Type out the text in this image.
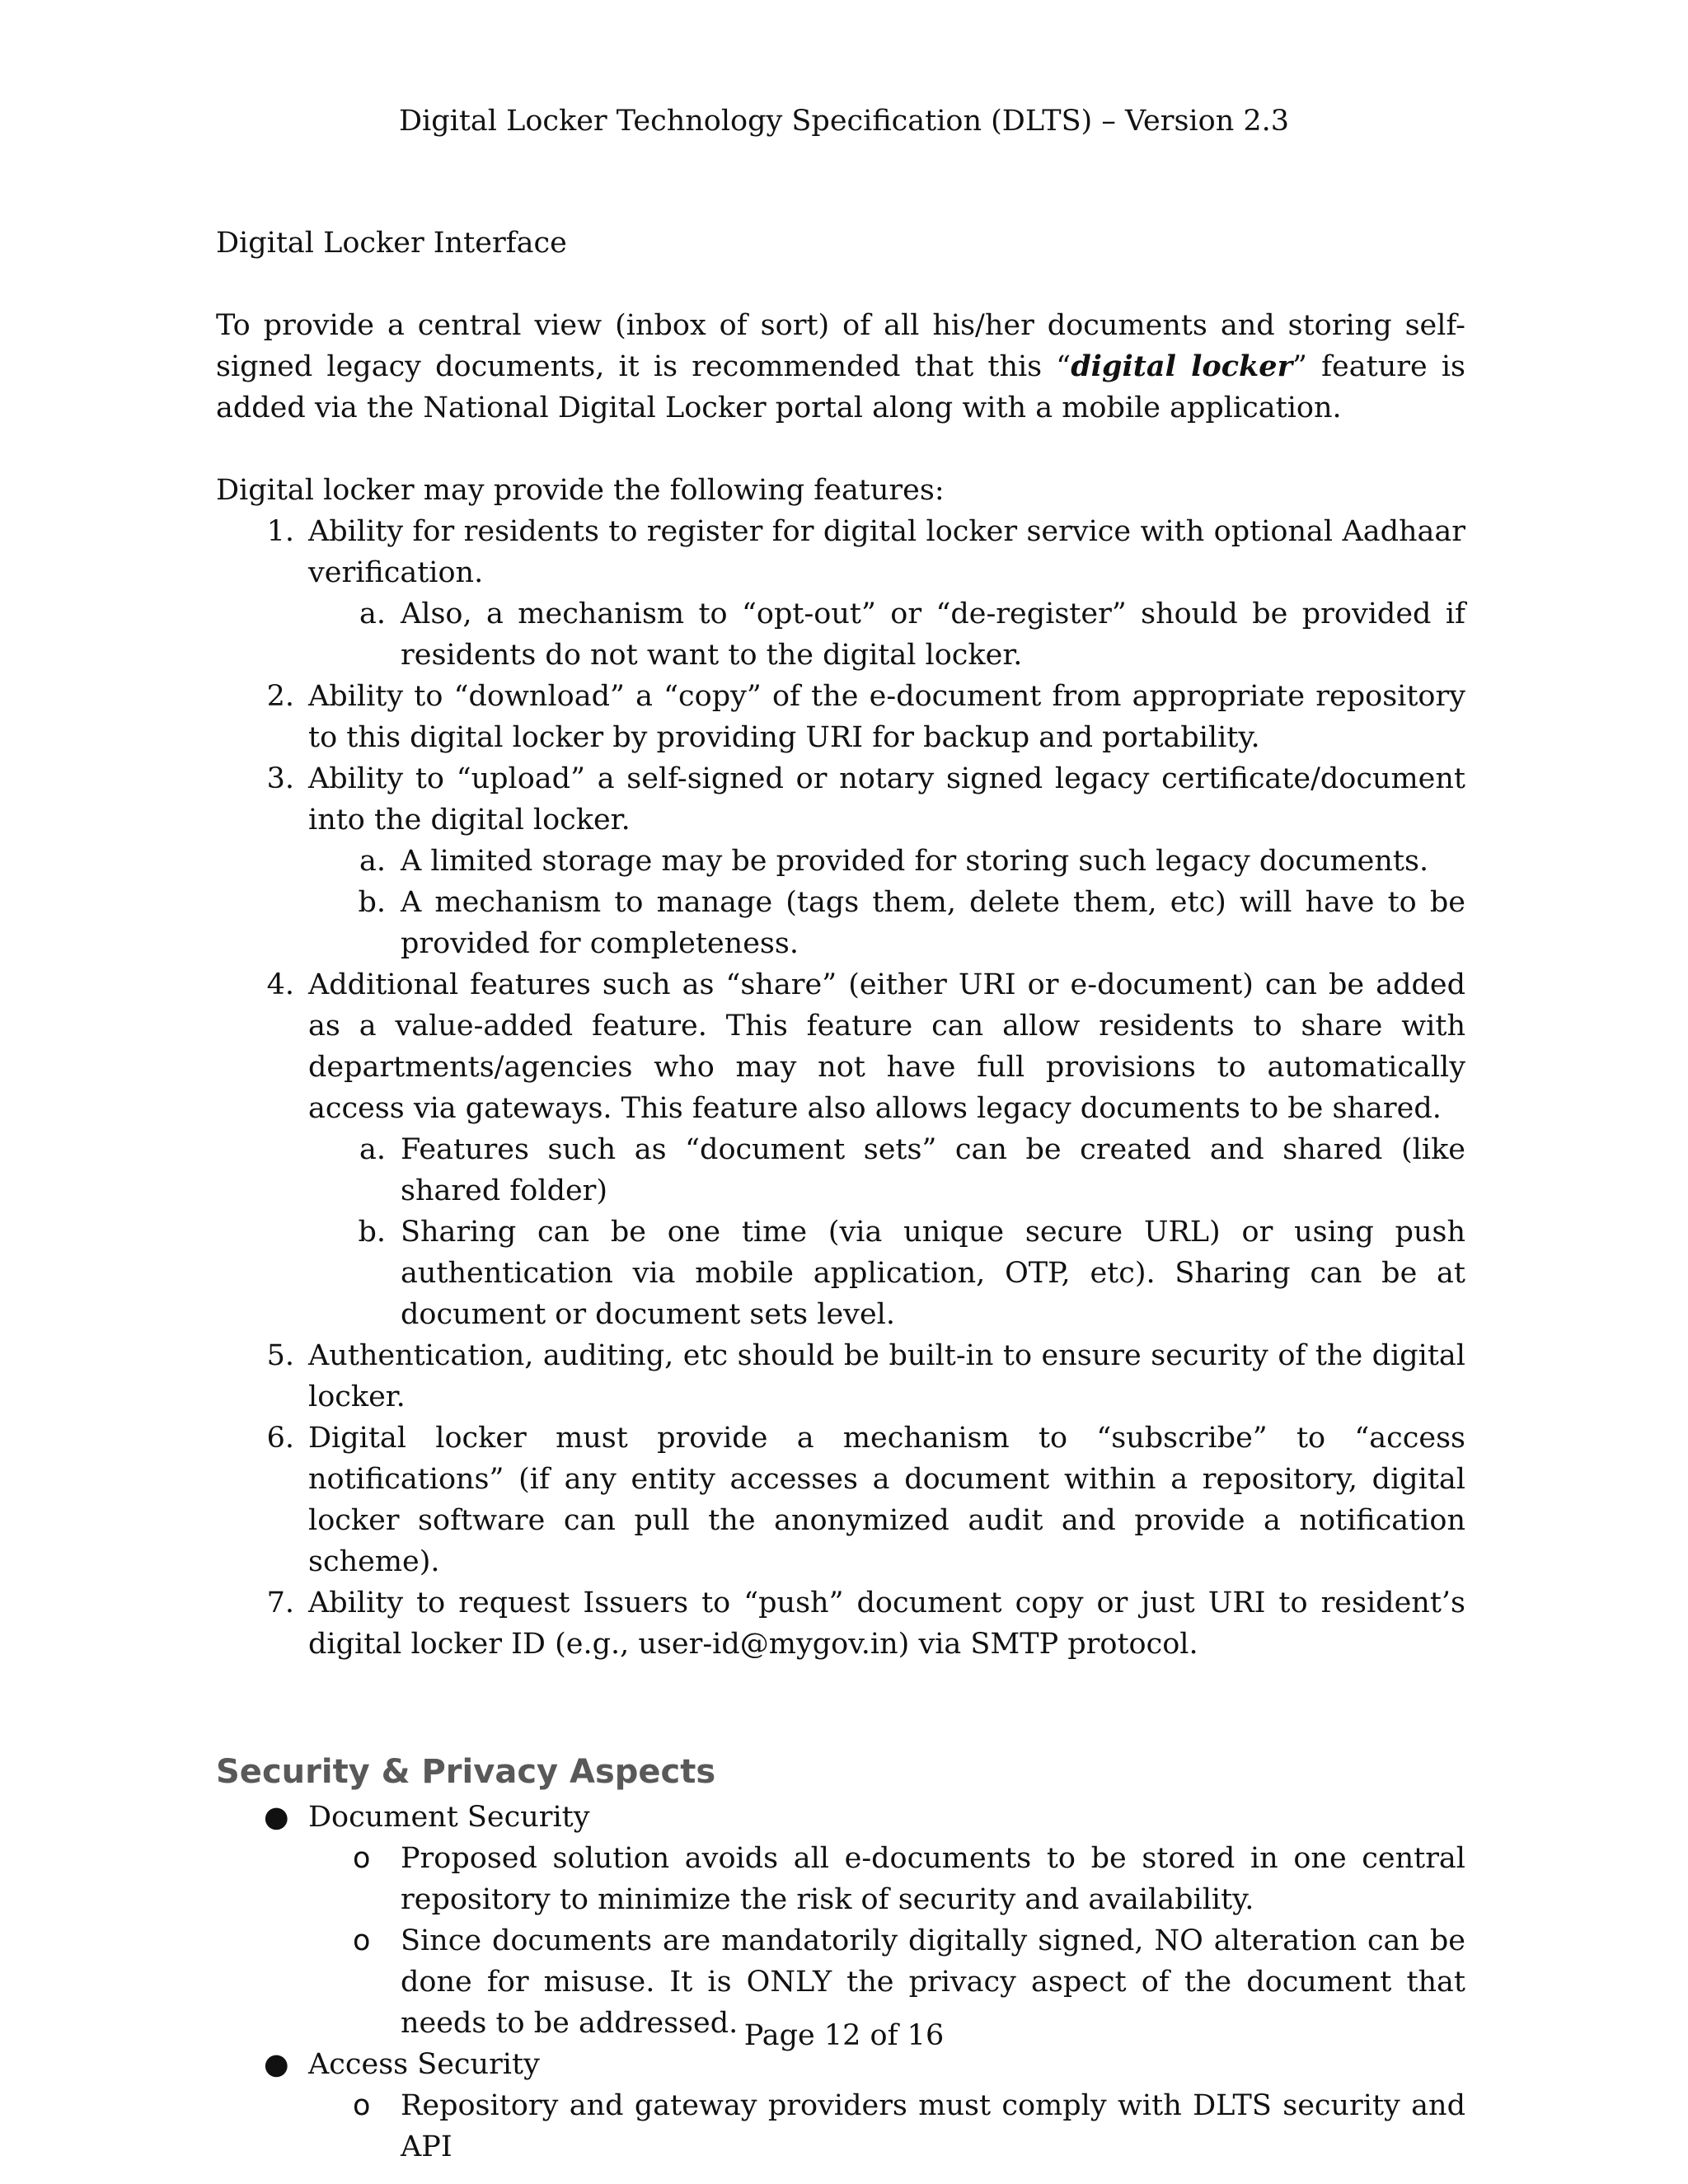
Digital Locker Technology Specification (DLTS) – Version 2.3

Digital Locker Interface

To provide a central view (inbox of sort) of all his/her documents and storing self-signed legacy documents, it is recommended that this “digital locker” feature is added via the National Digital Locker portal along with a mobile application.

Digital locker may provide the following features:

1. Ability for residents to register for digital locker service with optional Aadhaar verification.
a. Also, a mechanism to “opt-out” or “de-register” should be provided if residents do not want to the digital locker.
2. Ability to “download” a “copy” of the e-document from appropriate repository to this digital locker by providing URI for backup and portability.
3. Ability to “upload” a self-signed or notary signed legacy certificate/document into the digital locker.
a. A limited storage may be provided for storing such legacy documents.
b. A mechanism to manage (tags them, delete them, etc) will have to be provided for completeness.
4. Additional features such as “share” (either URI or e-document) can be added as a value-added feature. This feature can allow residents to share with departments/agencies who may not have full provisions to automatically access via gateways. This feature also allows legacy documents to be shared.
a. Features such as “document sets” can be created and shared (like shared folder)
b. Sharing can be one time (via unique secure URL) or using push authentication via mobile application, OTP, etc). Sharing can be at document or document sets level.
5. Authentication, auditing, etc should be built-in to ensure security of the digital locker.
6. Digital locker must provide a mechanism to “subscribe” to “access notifications” (if any entity accesses a document within a repository, digital locker software can pull the anonymized audit and provide a notification scheme).
7. Ability to request Issuers to “push” document copy or just URI to resident’s digital locker ID (e.g., user-id@mygov.in) via SMTP protocol.

Security & Privacy Aspects

● Document Security
o Proposed solution avoids all e-documents to be stored in one central repository to minimize the risk of security and availability.
o Since documents are mandatorily digitally signed, NO alteration can be done for misuse. It is ONLY the privacy aspect of the document that needs to be addressed.
● Access Security
o Repository and gateway providers must comply with DLTS security and API
Page 12 of 16
